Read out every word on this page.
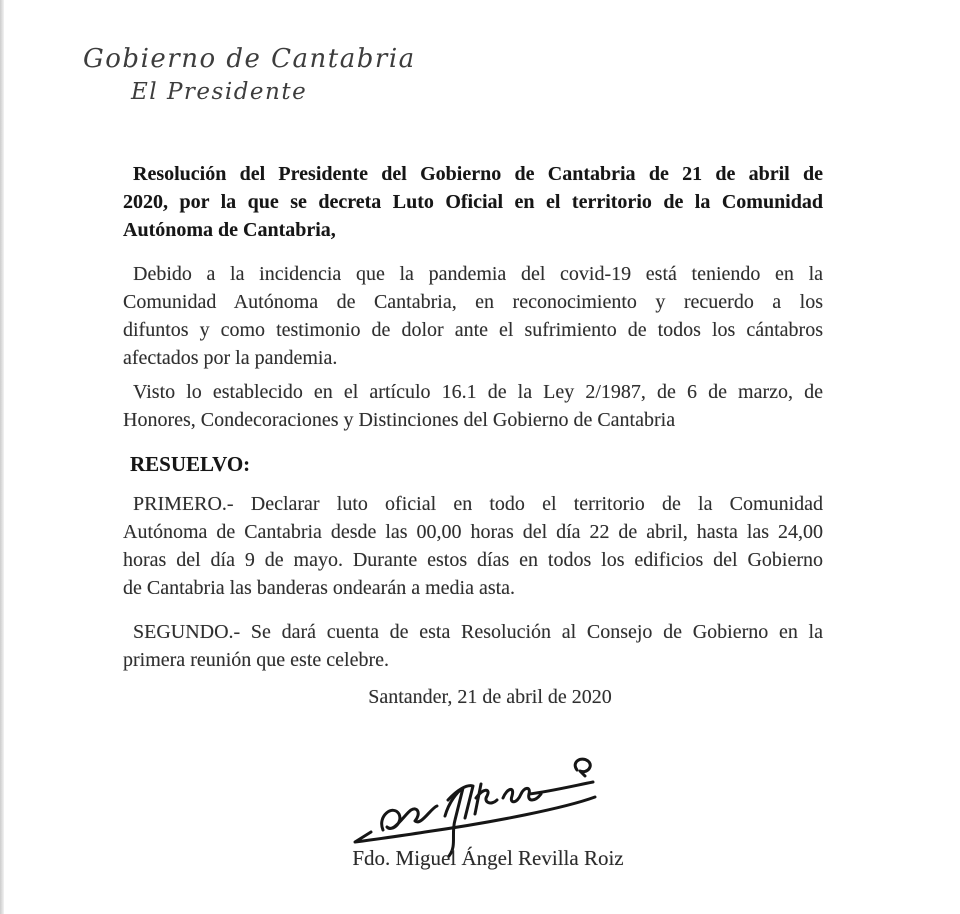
Gobierno de Cantabria
El Presidente
Resolución del Presidente del Gobierno de Cantabria de 21 de abril de
2020, por la que se decreta Luto Oficial en el territorio de la Comunidad
Autónoma de Cantabria,
Debido a la incidencia que la pandemia del covid-19 está teniendo en la
Comunidad Autónoma de Cantabria, en reconocimiento y recuerdo a los
difuntos y como testimonio de dolor ante el sufrimiento de todos los cántabros
afectados por la pandemia.
Visto lo establecido en el artículo 16.1 de la Ley 2/1987, de 6 de marzo, de
Honores, Condecoraciones y Distinciones del Gobierno de Cantabria
RESUELVO:
PRIMERO.- Declarar luto oficial en todo el territorio de la Comunidad
Autónoma de Cantabria desde las 00,00 horas del día 22 de abril, hasta las 24,00
horas del día 9 de mayo. Durante estos días en todos los edificios del Gobierno
de Cantabria las banderas ondearán a media asta.
SEGUNDO.- Se dará cuenta de esta Resolución al Consejo de Gobierno en la
primera reunión que este celebre.
Santander, 21 de abril de 2020
Fdo. Miguel Ángel Revilla Roiz
